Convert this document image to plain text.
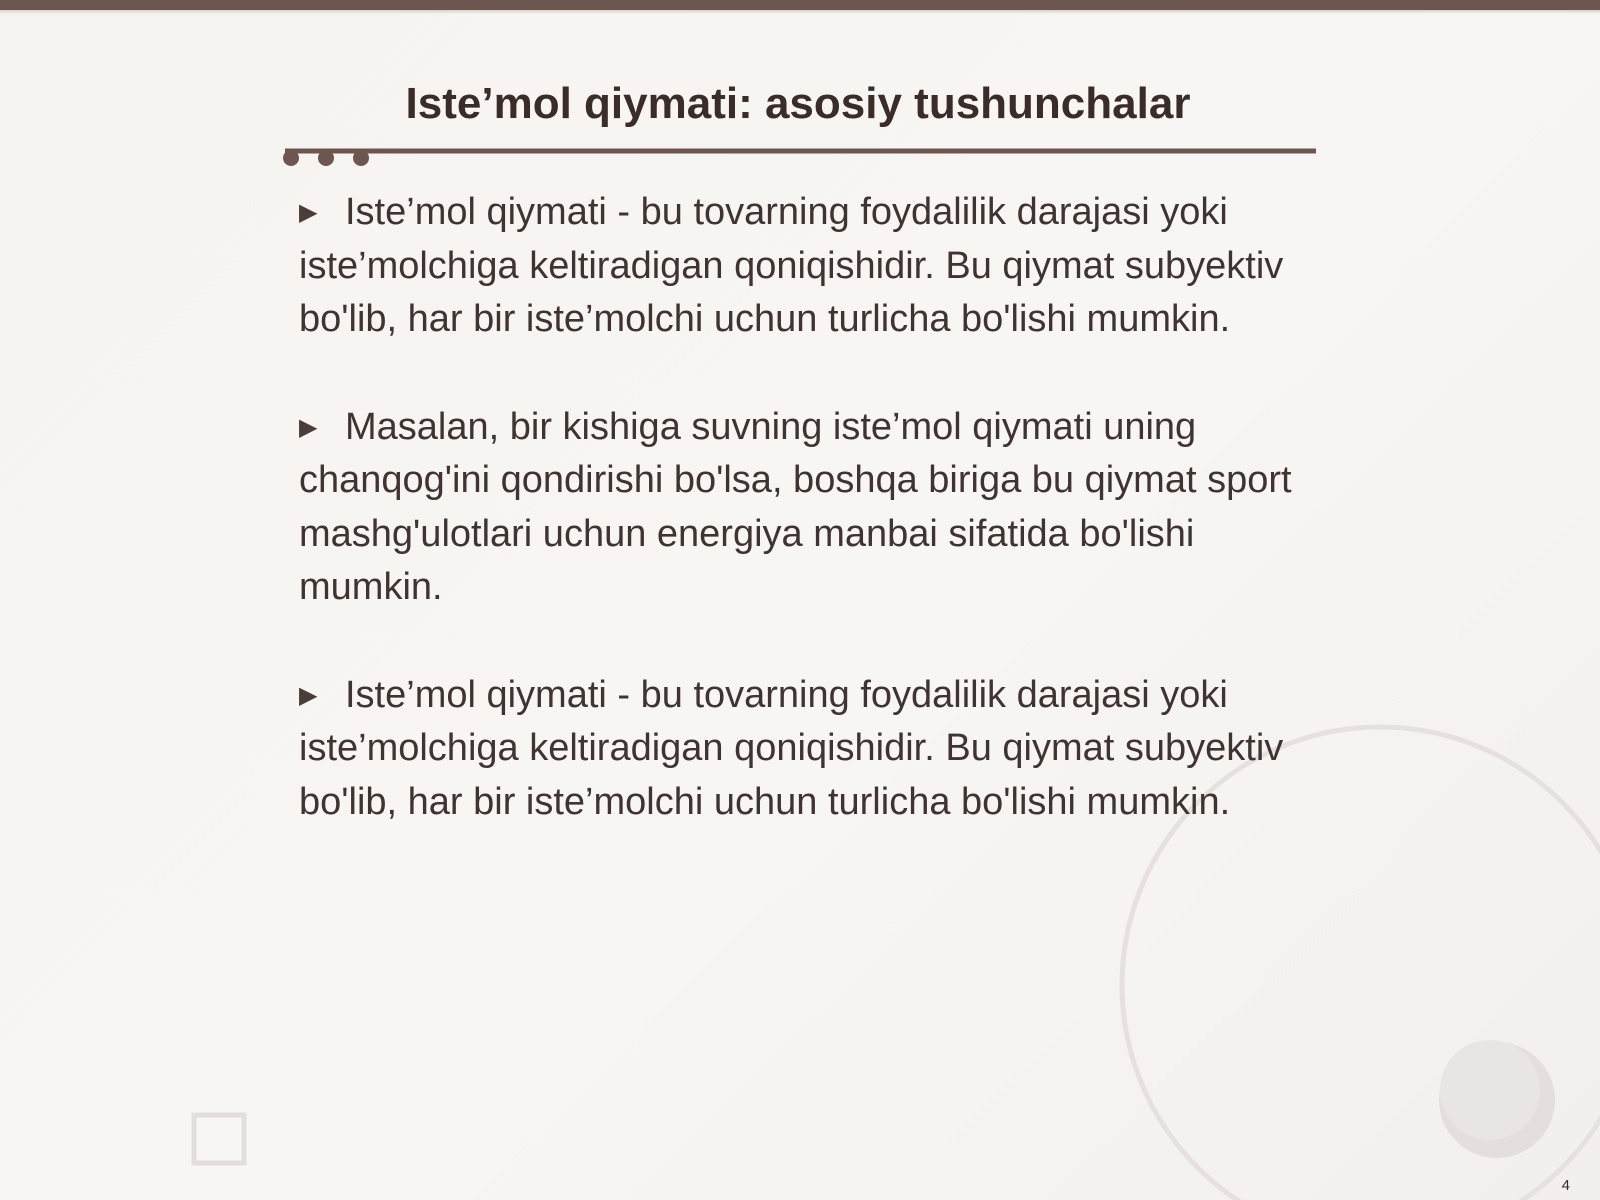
Iste’mol qiymati: asosiy tushunchalar

▶ Iste’mol qiymati - bu tovarning foydalilik darajasi yoki iste’molchiga keltiradigan qoniqishidir. Bu qiymat subyektiv bo'lib, har bir iste’molchi uchun turlicha bo'lishi mumkin.

▶ Masalan, bir kishiga suvning iste’mol qiymati uning chanqog'ini qondirishi bo'lsa, boshqa biriga bu qiymat sport mashg'ulotlari uchun energiya manbai sifatida bo'lishi mumkin.

▶ Iste’mol qiymati - bu tovarning foydalilik darajasi yoki iste’molchiga keltiradigan qoniqishidir. Bu qiymat subyektiv bo'lib, har bir iste’molchi uchun turlicha bo'lishi mumkin.

4
